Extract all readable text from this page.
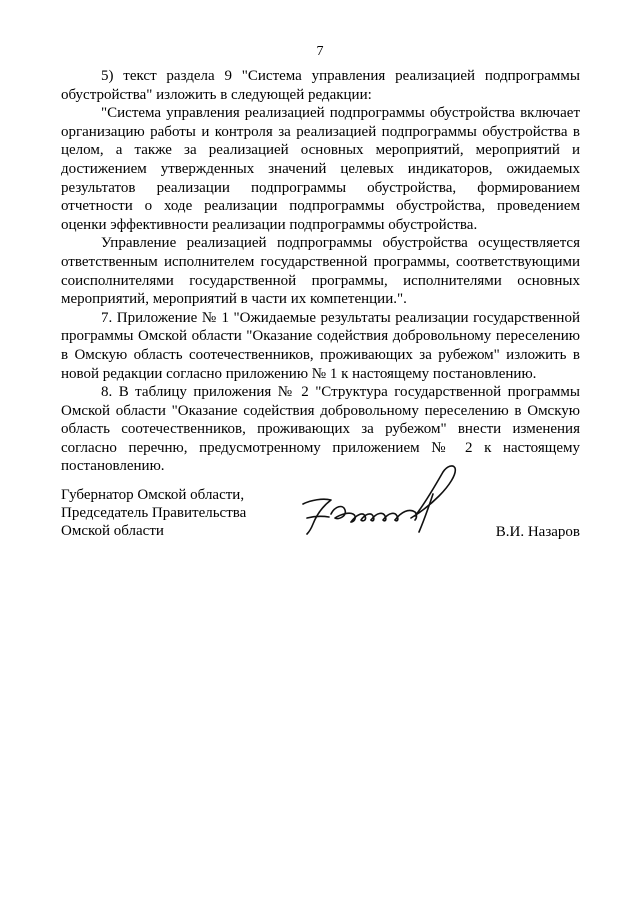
7

5) текст раздела 9 "Система управления реализацией подпрограммы обустройства" изложить в следующей редакции:

"Система управления реализацией подпрограммы обустройства включает организацию работы и контроля за реализацией подпрограммы обустройства в целом, а также за реализацией основных мероприятий, мероприятий и достижением утвержденных значений целевых индикаторов, ожидаемых результатов реализации подпрограммы обустройства, формированием отчетности о ходе реализации подпрограммы обустройства, проведением оценки эффективности реализации подпрограммы обустройства.

Управление реализацией подпрограммы обустройства осуществляется ответственным исполнителем государственной программы, соответствующими соисполнителями государственной программы, исполнителями основных мероприятий, мероприятий в части их компетенции.".

7. Приложение № 1 "Ожидаемые результаты реализации государственной программы Омской области "Оказание содействия добровольному переселению в Омскую область соотечественников, проживающих за рубежом" изложить в новой редакции согласно приложению № 1 к настоящему постановлению.

8. В таблицу приложения № 2 "Структура государственной программы Омской области "Оказание содействия добровольному переселению в Омскую область соотечественников, проживающих за рубежом" внести изменения согласно перечню, предусмотренному приложением № 2 к настоящему постановлению.

Губернатор Омской области,
Председатель Правительства
Омской области	В.И. Назаров
